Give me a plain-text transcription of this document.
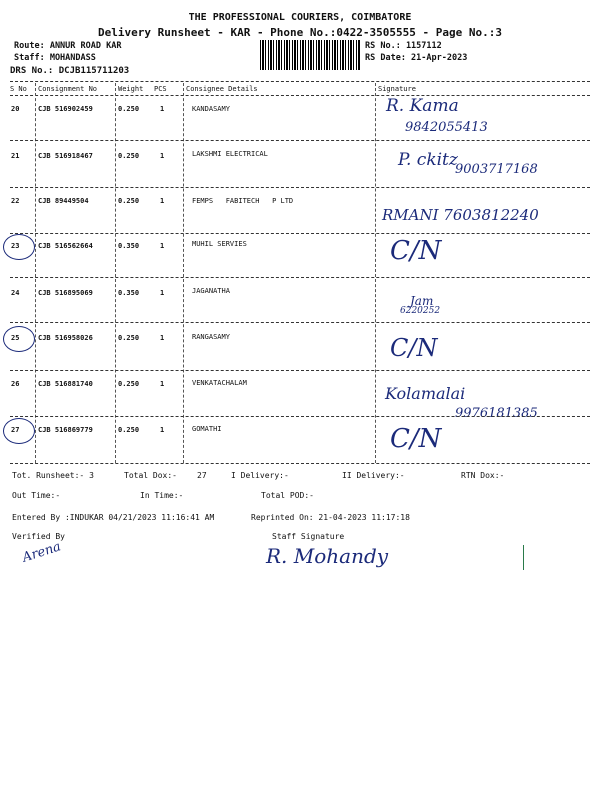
THE PROFESSIONAL COURIERS, COIMBATORE
Delivery Runsheet - KAR - Phone No.:0422-3505555 - Page No.:3
Route: ANNUR ROAD KAR
Staff: MOHANDASS
DRS No.: DCJB115711203
RS No.: 1157112
RS Date: 21-Apr-2023
S No Consignment No	Weight PCS	Consignee Details	Signature
20	CJB 516902459	0.250	1	KANDASAMY	R. Kama
9842055413
21	CJB 516918467	0.250	1	LAKSHMI ELECTRICAL	P. ckitz
9003717168
22	CJB 89449504	0.250	1	FEMPS   FABITECH   P LTD
RMANI 7603812240
23	CJB 516562664	0.350	1	MUHIL SERVIES	C/N
24	CJB 516895069	0.350	1	JAGANATHA
Jam
6220252
25	CJB 516958026	0.250	1	RANGASAMY	C/N
26	CJB 516881740	0.250	1	VENKATACHALAM
Kolamalai
9976181385
27	CJB 516869779	0.250	1	GOMATHI	C/N
Tot. Runsheet:- 3	Total Dox:-	27	I Delivery:-	II Delivery:-	RTN Dox:-
Out Time:-	In Time:-	Total POD:-
Entered By :INDUKAR 04/21/2023 11:16:41 AM	Reprinted On: 21-04-2023 11:17:18
Verified By
Arena
Staff Signature
R. Mohandy
